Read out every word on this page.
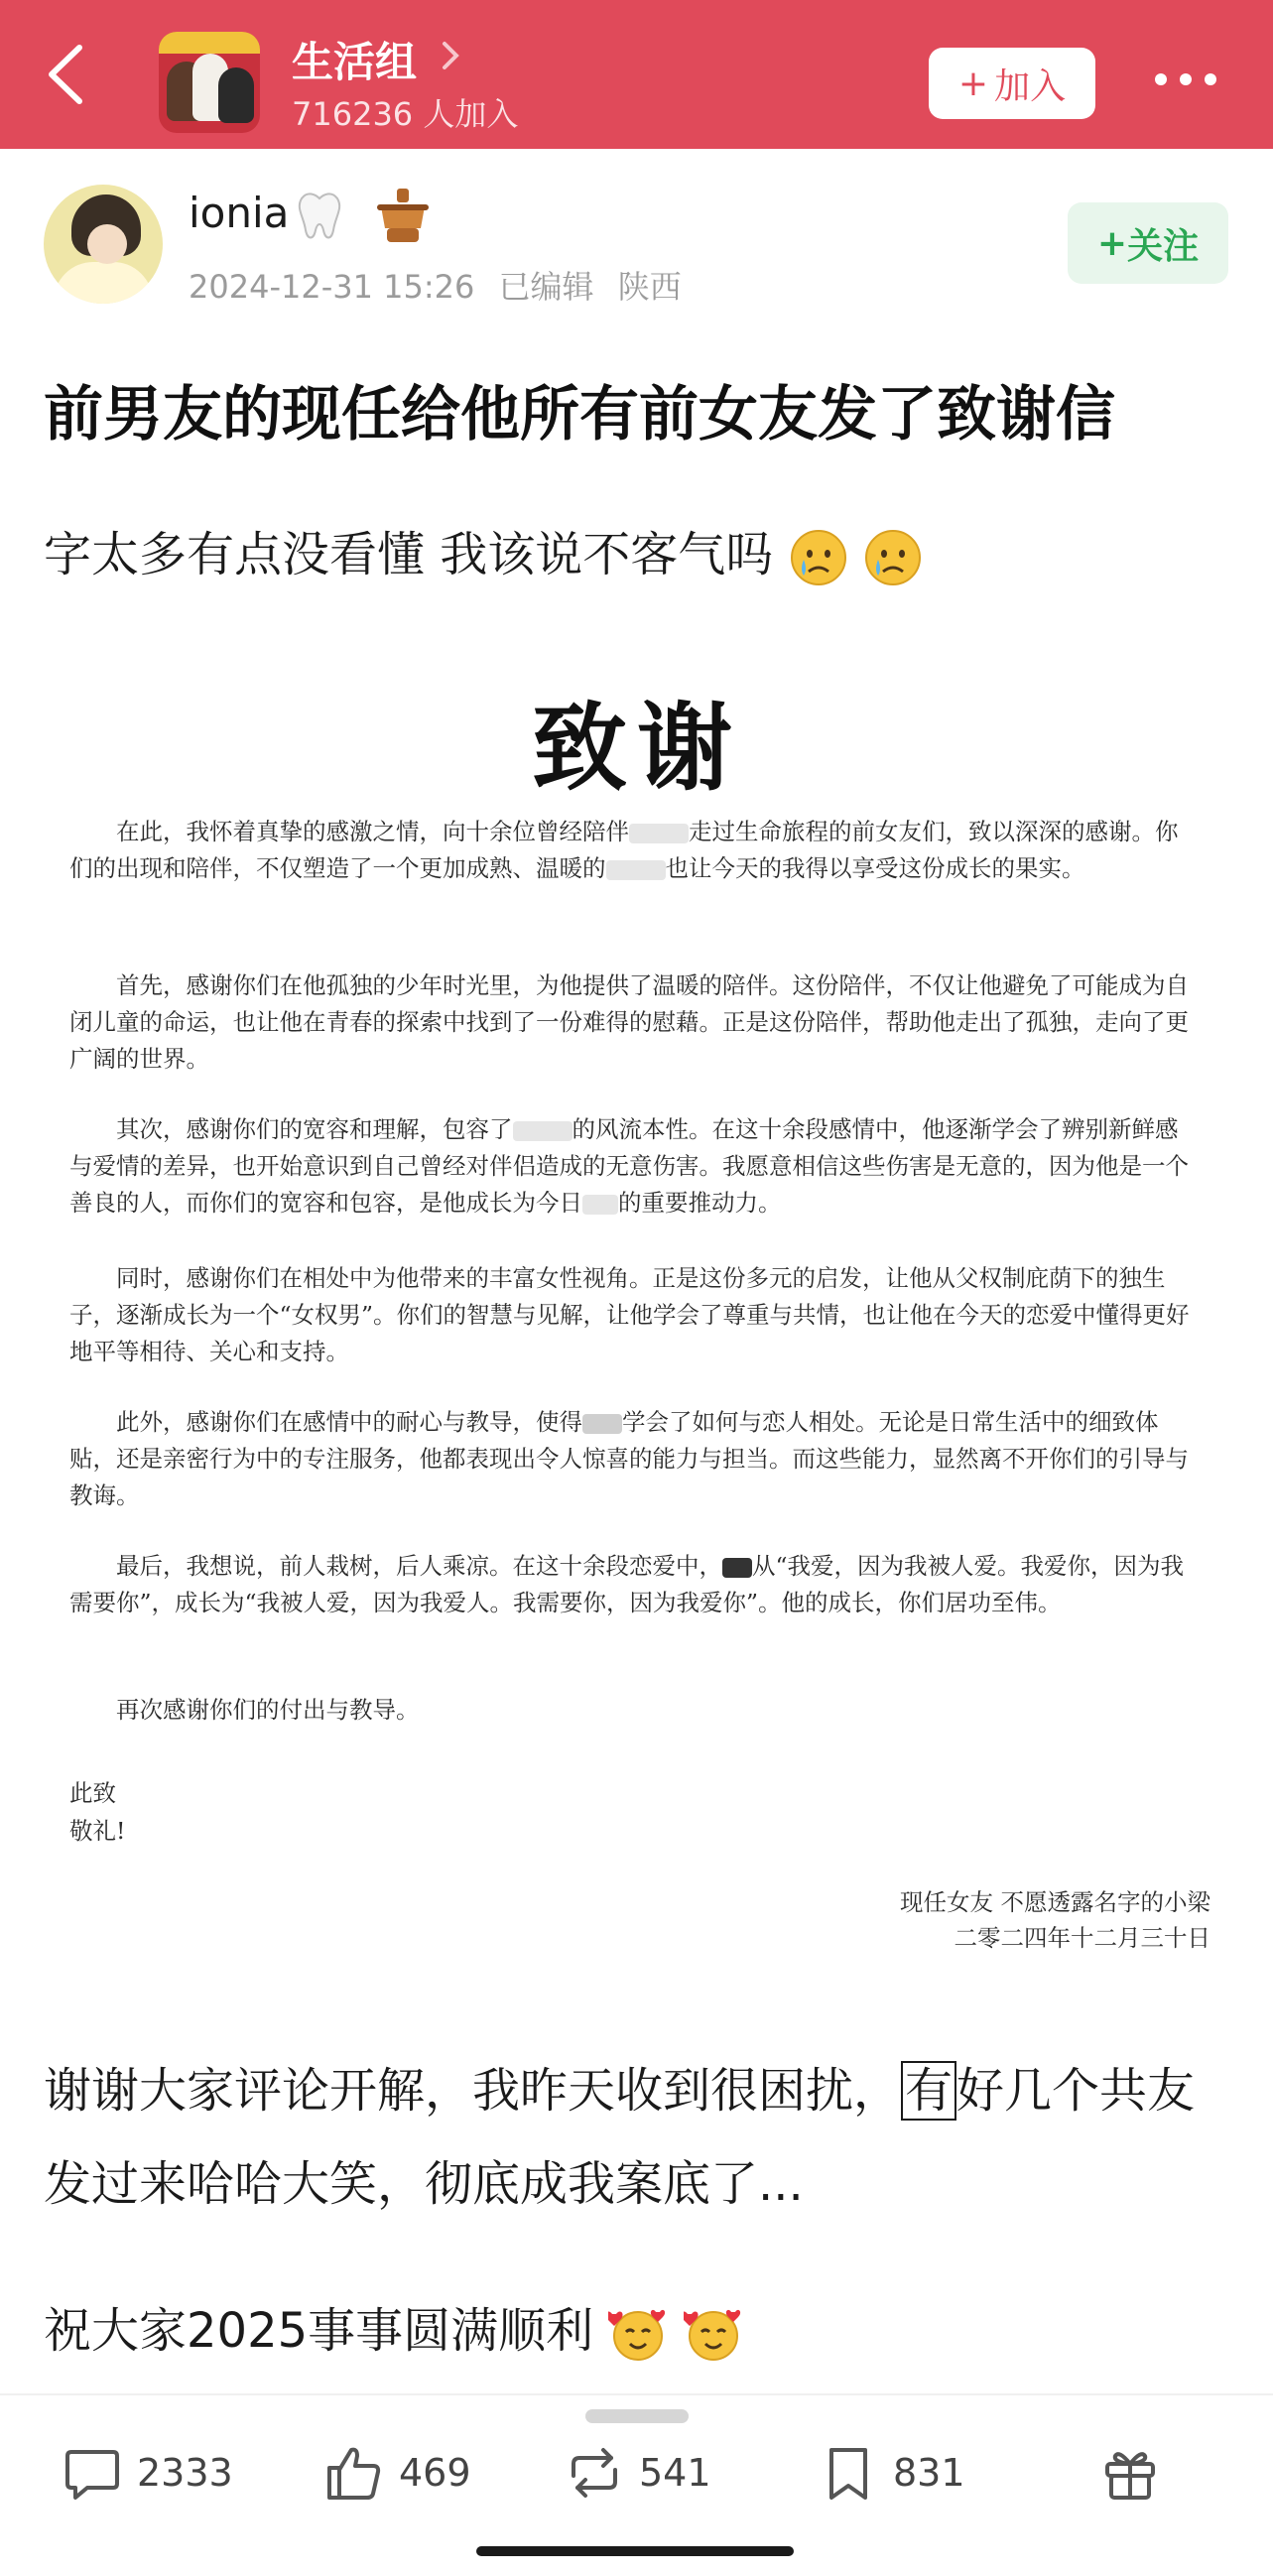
生活组
716236 人加入
+ 加入
ionia
2024-12-31 15:26 已编辑 陕西
+ 关注
前男友的现任给他所有前女友发了致谢信
字太多有点没看懂 我该说不客气吗
致谢
在此，我怀着真挚的感激之情，向十余位曾经陪伴	走过生命旅程的前女友们，致以深深的感谢。你们的出现和陪伴，不仅塑造了一个更加成熟、温暖的	也让今天的我得以享受这份成长的果实。
首先，感谢你们在他孤独的少年时光里，为他提供了温暖的陪伴。这份陪伴，不仅让他避免了可能成为自闭儿童的命运，也让他在青春的探索中找到了一份难得的慰藉。正是这份陪伴，帮助他走出了孤独，走向了更广阔的世界。
其次，感谢你们的宽容和理解，包容了	的风流本性。在这十余段感情中，他逐渐学会了辨别新鲜感与爱情的差异，也开始意识到自己曾经对伴侣造成的无意伤害。我愿意相信这些伤害是无意的，因为他是一个善良的人，而你们的宽容和包容，是他成长为今日 的重要推动力。
同时，感谢你们在相处中为他带来的丰富女性视角。正是这份多元的启发，让他从父权制庇荫下的独生子，逐渐成长为一个“女权男”。你们的智慧与见解，让他学会了尊重与共情，也让他在今天的恋爱中懂得更好地平等相待、关心和支持。
此外，感谢你们在感情中的耐心与教导，使得 学会了如何与恋人相处。无论是日常生活中的细致体贴，还是亲密行为中的专注服务，他都表现出令人惊喜的能力与担当。而这些能力，显然离不开你们的引导与教诲。
最后，我想说，前人栽树，后人乘凉。在这十余段恋爱中， 从“我爱，因为我被人爱。我爱你，因为我需要你”，成长为“我被人爱，因为我爱人。我需要你，因为我爱你”。他的成长，你们居功至伟。
再次感谢你们的付出与教导。
此致
敬礼!
现任女友 不愿透露名字的小梁
二零二四年十二月三十日
谢谢大家评论开解，我昨天收到很困扰，有好几个共友发过来哈哈大笑，彻底成我案底了...
祝大家2025事事圆满顺利
2333	469	541	831
